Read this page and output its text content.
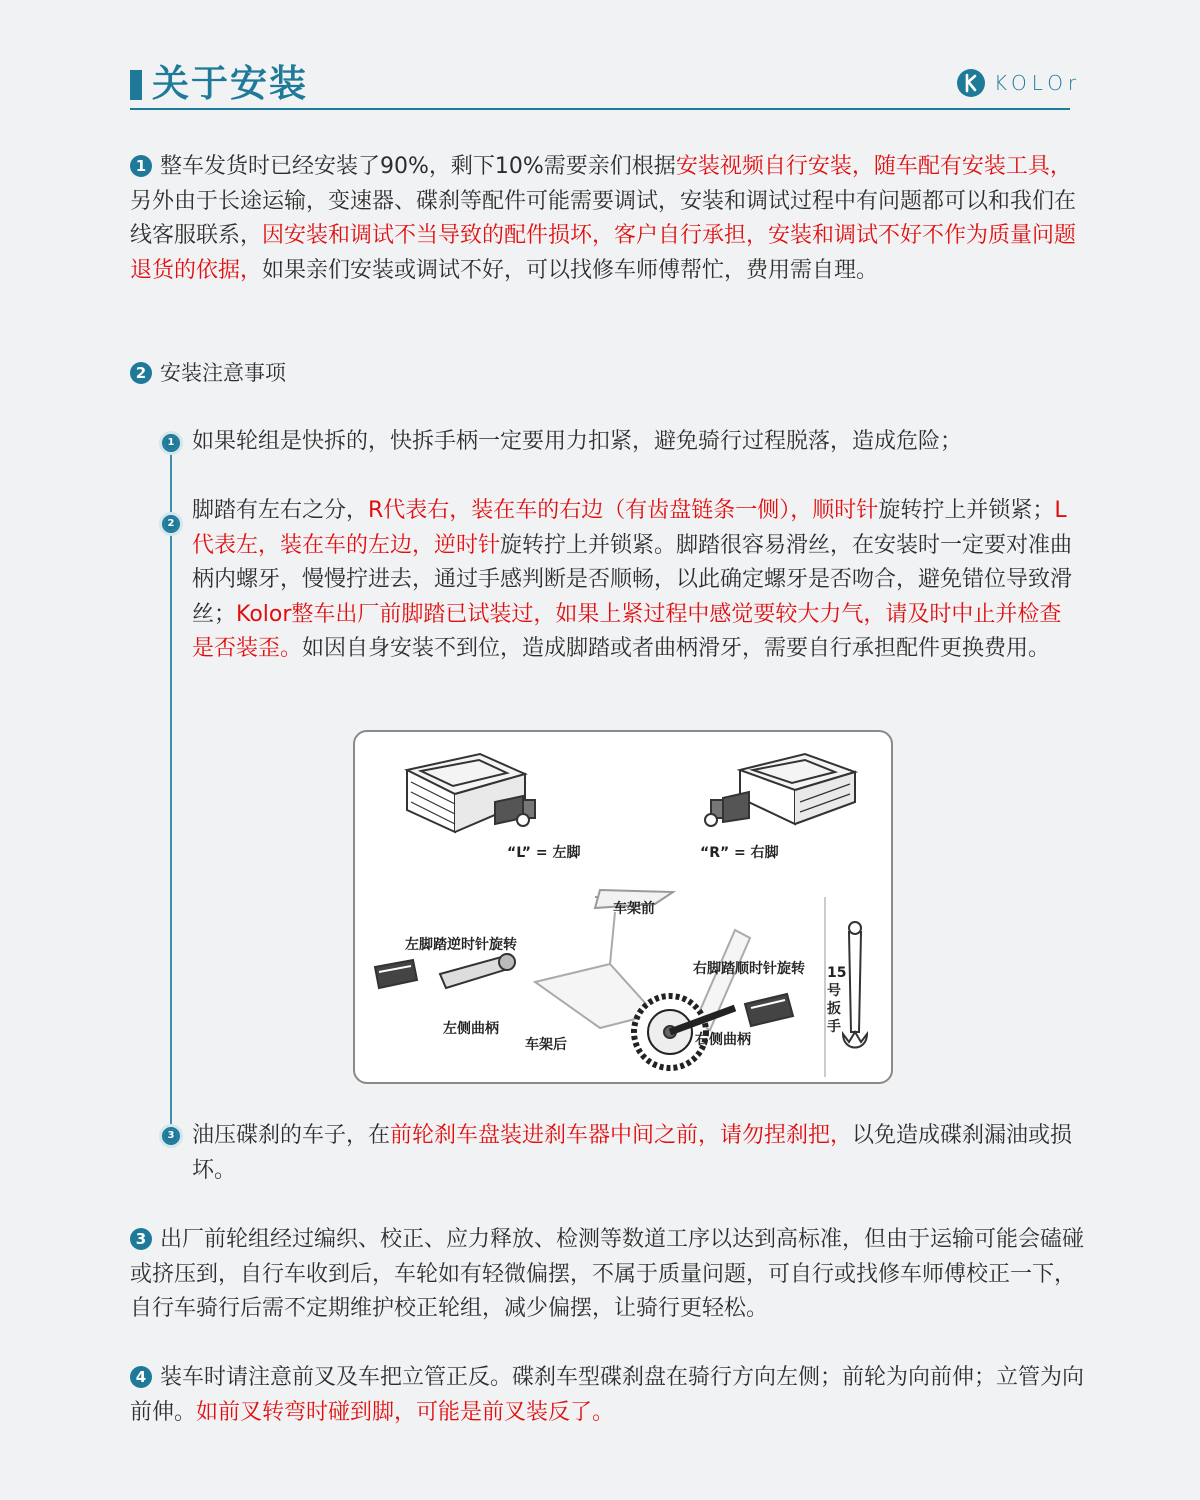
关于安装	KOLOr
1 整车发货时已经安装了90%，剩下10%需要亲们根据安装视频自行安装，随车配有安装工具，另外由于长途运输，变速器、碟刹等配件可能需要调试，安装和调试过程中有问题都可以和我们在线客服联系，因安装和调试不当导致的配件损坏，客户自行承担，安装和调试不好不作为质量问题退货的依据，如果亲们安装或调试不好，可以找修车师傅帮忙，费用需自理。
2 安装注意事项
1
2
3
如果轮组是快拆的，快拆手柄一定要用力扣紧，避免骑行过程脱落，造成危险；
脚踏有左右之分，R代表右，装在车的右边（有齿盘链条一侧），顺时针旋转拧上并锁紧；L代表左，装在车的左边，逆时针旋转拧上并锁紧。脚踏很容易滑丝，在安装时一定要对准曲柄内螺牙，慢慢拧进去，通过手感判断是否顺畅，以此确定螺牙是否吻合，避免错位导致滑丝；Kolor整车出厂前脚踏已试装过，如果上紧过程中感觉要较大力气，请及时中止并检查是否装歪。如因自身安装不到位，造成脚踏或者曲柄滑牙，需要自行承担配件更换费用。
“L” = 左脚	“R” = 右脚
车架前
左脚踏逆时针旋转
右脚踏顺时针旋转
左侧曲柄
右侧曲柄
车架后
15号扳手
油压碟刹的车子，在前轮刹车盘装进刹车器中间之前，请勿捏刹把，以免造成碟刹漏油或损坏。
3 出厂前轮组经过编织、校正、应力释放、检测等数道工序以达到高标准，但由于运输可能会磕碰或挤压到，自行车收到后，车轮如有轻微偏摆，不属于质量问题，可自行或找修车师傅校正一下，自行车骑行后需不定期维护校正轮组，减少偏摆，让骑行更轻松。
4 装车时请注意前叉及车把立管正反。碟刹车型碟刹盘在骑行方向左侧；前轮为向前伸；立管为向前伸。如前叉转弯时碰到脚，可能是前叉装反了。
